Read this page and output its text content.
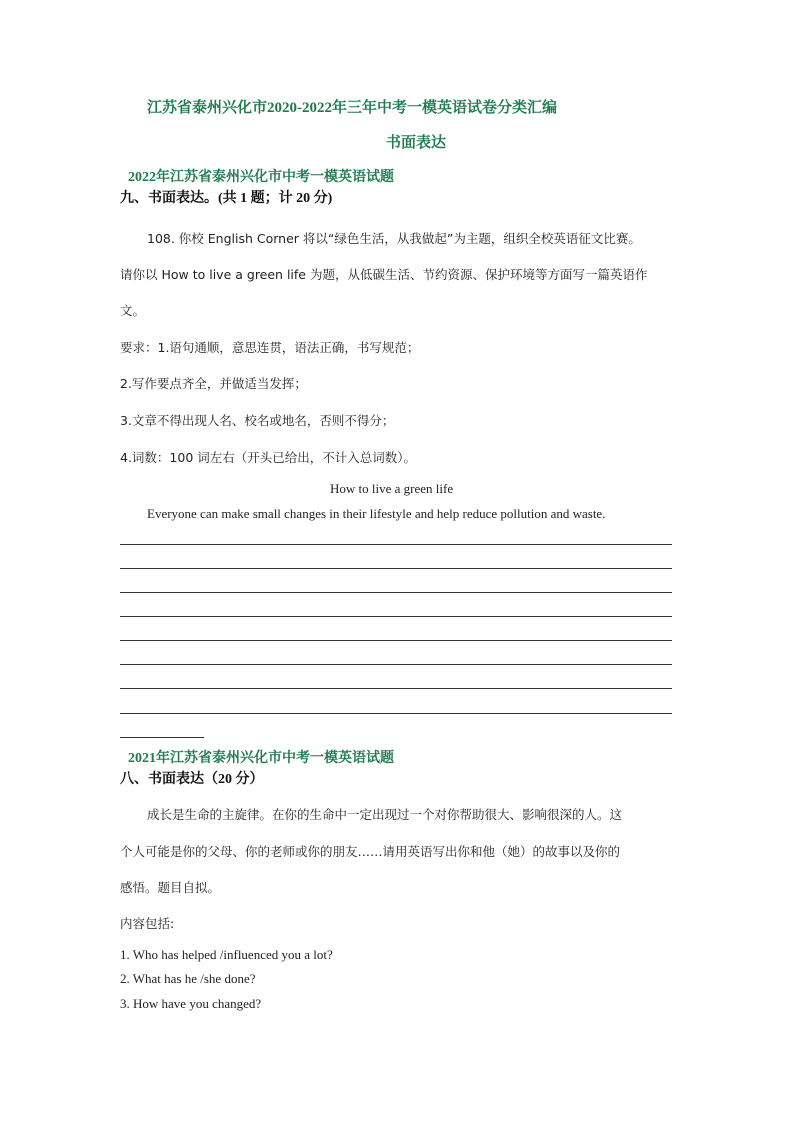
江苏省泰州兴化市2020-2022年三年中考一模英语试卷分类汇编
书面表达
2022年江苏省泰州兴化市中考一模英语试题
九、书面表达。(共 1 题；计 20 分)
108. 你校 English Corner 将以“绿色生活，从我做起”为主题，组织全校英语征文比赛。
请你以 How to live a green life 为题，从低碳生活、节约资源、保护环境等方面写一篇英语作
文。
要求：1.语句通顺，意思连贯，语法正确，书写规范；
2.写作要点齐全，并做适当发挥；
3.文章不得出现人名、校名或地名，否则不得分；
4.词数：100 词左右（开头已给出，不计入总词数）。
How to live a green life
Everyone can make small changes in their lifestyle and help reduce pollution and waste.
2021年江苏省泰州兴化市中考一模英语试题
八、书面表达（20 分）
成长是生命的主旋律。在你的生命中一定出现过一个对你帮助很大、影响很深的人。这
个人可能是你的父母、你的老师或你的朋友……请用英语写出你和他（她）的故事以及你的
感悟。题目自拟。
内容包括:
1. Who has helped /influenced you a lot?
2. What has he /she done?
3. How have you changed?
